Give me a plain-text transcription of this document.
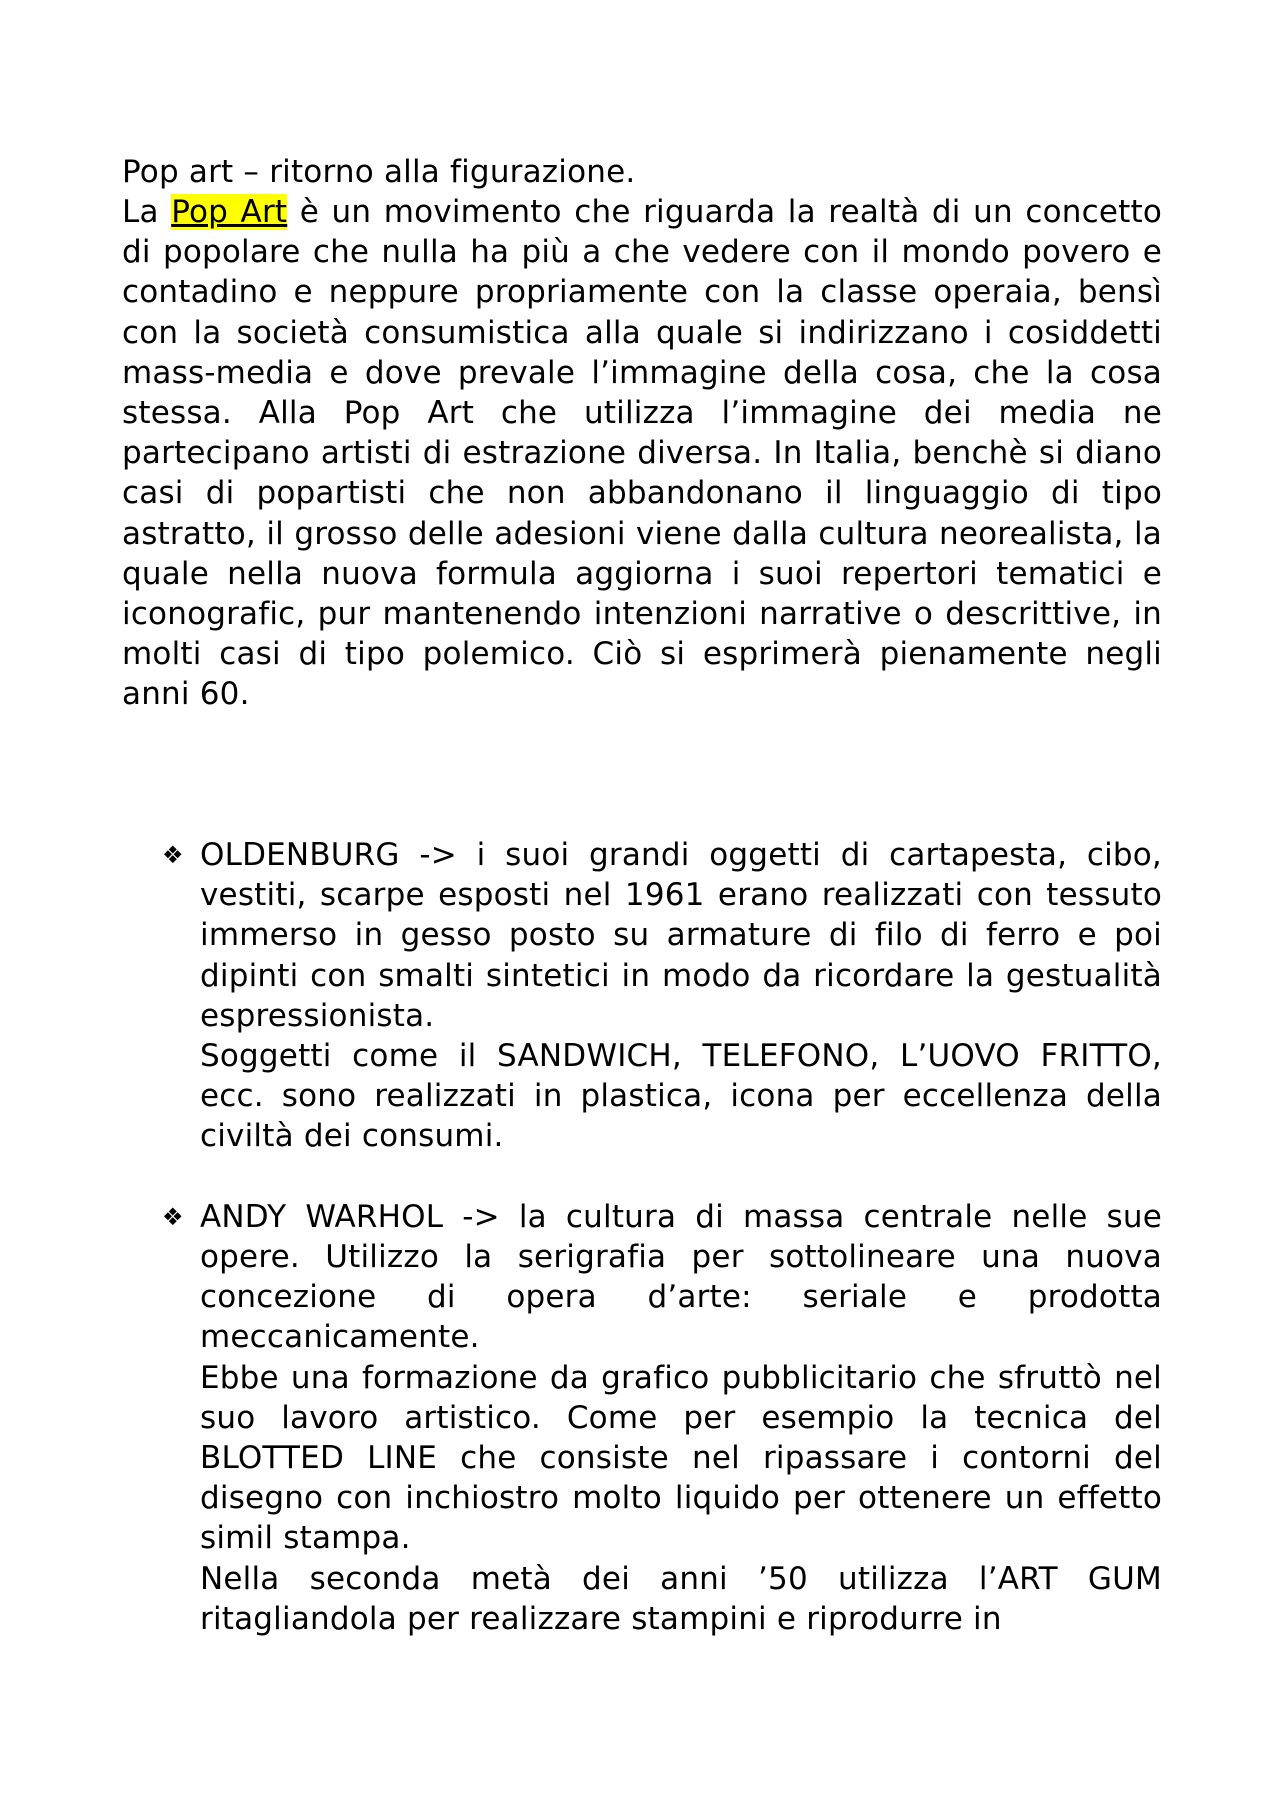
Pop art – ritorno alla figurazione.

La Pop Art è un movimento che riguarda la realtà di un concetto di popolare che nulla ha più a che vedere con il mondo povero e contadino e neppure propriamente con la classe operaia, bensì con la società consumistica alla quale si indirizzano i cosiddetti mass-media e dove prevale l’immagine della cosa, che la cosa stessa. Alla Pop Art che utilizza l’immagine dei media ne partecipano artisti di estrazione diversa. In Italia, benchè si diano casi di popartisti che non abbandonano il linguaggio di tipo astratto, il grosso delle adesioni viene dalla cultura neorealista, la quale nella nuova formula aggiorna i suoi repertori tematici e iconografic, pur mantenendo intenzioni narrative o descrittive, in molti casi di tipo polemico. Ciò si esprimerà pienamente negli anni 60.

❖ OLDENBURG -> i suoi grandi oggetti di cartapesta, cibo, vestiti, scarpe esposti nel 1961 erano realizzati con tessuto immerso in gesso posto su armature di filo di ferro e poi dipinti con smalti sintetici in modo da ricordare la gestualità espressionista.

Soggetti come il SANDWICH, TELEFONO, L’UOVO FRITTO, ecc. sono realizzati in plastica, icona per eccellenza della civiltà dei consumi.

❖ ANDY WARHOL -> la cultura di massa centrale nelle sue opere. Utilizzo la serigrafia per sottolineare una nuova concezione di opera d’arte: seriale e prodotta meccanicamente.

Ebbe una formazione da grafico pubblicitario che sfruttò nel suo lavoro artistico. Come per esempio la tecnica del BLOTTED LINE che consiste nel ripassare i contorni del disegno con inchiostro molto liquido per ottenere un effetto simil stampa.

Nella seconda metà dei anni ’50 utilizza l’ART GUM ritagliandola per realizzare stampini e riprodurre in
